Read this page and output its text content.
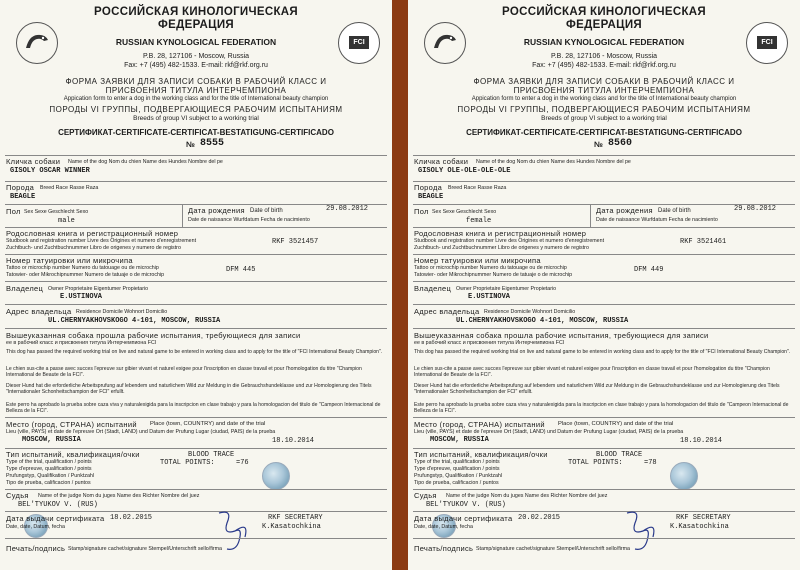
FCI
РОССИЙСКАЯ КИНОЛОГИЧЕСКАЯ
ФЕДЕРАЦИЯ
RUSSIAN KYNOLOGICAL FEDERATION
P.B. 28, 127106 - Moscow, Russia
Fax: +7 (495) 482-1533. E-mail: rkf@rkf.org.ru
ФОРМА ЗАЯВКИ ДЛЯ ЗАПИСИ СОБАКИ В РАБОЧИЙ КЛАСС И
ПРИСВОЕНИЯ ТИТУЛА ИНТЕРЧЕМПИОНА
Appication form to enter a dog in the working class and for the title of International beauty champion
ПОРОДЫ VI ГРУППЫ, ПОДВЕРГАЮЩИЕСЯ РАБОЧИМ ИСПЫТАНИЯМ
Breeds of group VI subject to a working trial
СЕРТИФИКАТ-CERTIFICATE-CERTIFICAT-BESTATIGUNG-CERTIFICADO
№ 8555
Кличка собаки Name of the dog Nom du chien Name des Hundes Nombre del pe
GISOLY OSCAR WINNER
Порода Breed Race Rasse Raza
BEAGLE
Пол Sex Sexe Geschlecht Sexo
male
Дата рождения Date of birth	29.08.2012
Date de naissance Wurfdatum Fecha de nacimiento
Родословная книга и регистрационный номер
Studbook and registration number Livre des Origines et numero d'enregistrement
Zuchtbuch- und Zuchtbuchnummer Libro de origenes y numero de registro
RKF 3521457
Номер татуировки или микрочипа
Tattoo or microchip number Numero du tatouage ou de microchip
Tatowier- oder Mikrochipnummer Numero de tatuaje o de microchip
DFM 445
Владелец Owner Proprietaire Eigentumer Propietario
E.USTINOVA
Адрес владельца Residence Domicile Wohnort Domicilio
UL.CHERNYAKHOVSKOGO 4-101, MOSCOW, RUSSIA
Вышеуказанная собака прошла рабочие испытания, требующиеся для записи
ее в рабочий класс и присвоения титула Интерчемпиона FCI
This dog has passed the required working trial on live and natural game to be entered in working class and to apply for the title of "FCI International Beauty Champion".
Le chien sus-cite a passe avec succes l'epreuve sur gibier vivant et naturel exigee pour l'inscription en classe travail et pour l'homologation du titre "Champion International de Beaute de la FCI".
Dieser Hund hat die erforderliche Arbeitsprufung auf lebendem und naturlichem Wild zur Meldung in die Gebrauchshundeklasse und zur Homologierung des Titels "Internationaler Schonheitschampion der FCI" erfullt.
Este perro ha aprobado la prueba sobre caza viva y naturalexigida para la inscripcion en clase trabajo y para la homologacion del titulo de "Campeon Internacional de Belleza de la FCI".
Место (город, СТРАНА) испытаний Place (town, COUNTRY) and date of the trial
Lieu (ville, PAYS) et date de l'epreuve Ort (Stadt, LAND) und Datum der Prufung Lugar (ciudad, PAIS) de la prueba
MOSCOW, RUSSIA	18.10.2014
Тип испытаний, квалификация/очки	BLOOD TRACE
Type of the trial, qualification / points	TOTAL POINTS:	=76
Type d'epreuve, qualification / points
Prufungstyp, Qualifikation / Punktzahl
Tipo de prueba, calificacion / puntos
Судья Name of the judge Nom du juges Name des Richter Nombre del juez
BEL'TYUKOV V. (RUS)
Дата выдачи сертификата 18.02.2015
Date, date, Datum, fecha
RKF SECRETARY
K.Kasatochkina
Печать/подпись Stamp/signature cachet/signature Stempel/Unterschrift sello/firma
FCI
РОССИЙСКАЯ КИНОЛОГИЧЕСКАЯ
ФЕДЕРАЦИЯ
RUSSIAN KYNOLOGICAL FEDERATION
P.B. 28, 127106 - Moscow, Russia
Fax: +7 (495) 482-1533. E-mail: rkf@rkf.org.ru
ФОРМА ЗАЯВКИ ДЛЯ ЗАПИСИ СОБАКИ В РАБОЧИЙ КЛАСС И
ПРИСВОЕНИЯ ТИТУЛА ИНТЕРЧЕМПИОНА
Appication form to enter a dog in the working class and for the title of International beauty champion
ПОРОДЫ VI ГРУППЫ, ПОДВЕРГАЮЩИЕСЯ РАБОЧИМ ИСПЫТАНИЯМ
Breeds of group VI subject to a working trial
СЕРТИФИКАТ-CERTIFICATE-CERTIFICAT-BESTATIGUNG-CERTIFICADO
№ 8560
Кличка собаки Name of the dog Nom du chien Name des Hundes Nombre del pe
GISOLY OLE-OLE-OLE-OLE
Порода Breed Race Rasse Raza
BEAGLE
Пол Sex Sexe Geschlecht Sexo
female
Дата рождения Date of birth	29.08.2012
Date de naissance Wurfdatum Fecha de nacimiento
Родословная книга и регистрационный номер
Studbook and registration number Livre des Origines et numero d'enregistrement
Zuchtbuch- und Zuchtbuchnummer Libro de origenes y numero de registro
RKF 3521461
Номер татуировки или микрочипа
Tattoo or microchip number Numero du tatouage ou de microchip
Tatowier- oder Mikrochipnummer Numero de tatuaje o de microchip
DFM 449
Владелец Owner Proprietaire Eigentumer Propietario
E.USTINOVA
Адрес владельца Residence Domicile Wohnort Domicilio
UL.CHERNYAKHOVSKOGO 4-101, MOSCOW, RUSSIA
Вышеуказанная собака прошла рабочие испытания, требующиеся для записи
ее в рабочий класс и присвоения титула Интерчемпиона FCI
This dog has passed the required working trial on live and natural game to be entered in working class and to apply for the title of "FCI International Beauty Champion".
Le chien sus-cite a passe avec succes l'epreuve sur gibier vivant et naturel exigee pour l'inscription en classe travail et pour l'homologation du titre "Champion International de Beaute de la FCI".
Dieser Hund hat die erforderliche Arbeitsprufung auf lebendem und naturlichem Wild zur Meldung in die Gebrauchshundeklasse und zur Homologierung des Titels "Internationaler Schonheitschampion der FCI" erfullt.
Este perro ha aprobado la prueba sobre caza viva y naturalexigida para la inscripcion en clase trabajo y para la homologacion del titulo de "Campeon Internacional de Belleza de la FCI".
Место (город, СТРАНА) испытаний Place (town, COUNTRY) and date of the trial
Lieu (ville, PAYS) et date de l'epreuve Ort (Stadt, LAND) und Datum der Prufung Lugar (ciudad, PAIS) de la prueba
MOSCOW, RUSSIA	18.10.2014
Тип испытаний, квалификация/очки	BLOOD TRACE
Type of the trial, qualification / points	TOTAL POINTS:	=78
Type d'epreuve, qualification / points
Prufungstyp, Qualifikation / Punktzahl
Tipo de prueba, calificacion / puntos
Судья Name of the judge Nom du juges Name des Richter Nombre del juez
BEL'TYUKOV V. (RUS)
Дата выдачи сертификата 20.02.2015
Date, date, Datum, fecha
RKF SECRETARY
K.Kasatochkina
Печать/подпись Stamp/signature cachet/signature Stempel/Unterschrift sello/firma
